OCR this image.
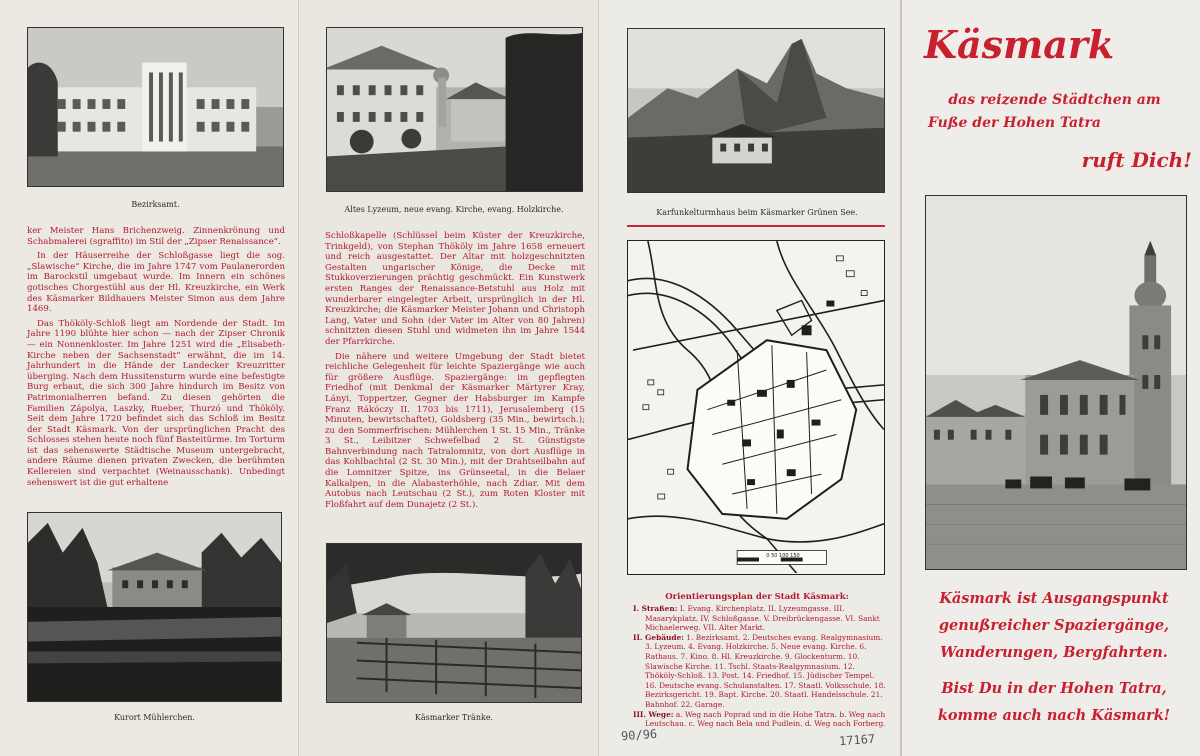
Bezirksamt.

ker Meister Hans Brichenzweig. Zinnenkrönung und Schabmalerei (sgraffito) im Stil der „Zipser Renaissance“.

In der Häuserreihe der Schloßgasse liegt die sog. „Slawische“ Kirche, die im Jahre 1747 vom Paulanerorden im Barockstil umgebaut wurde. Im Innern ein schönes gotisches Chorgestühl aus der Hl. Kreuzkirche, ein Werk des Käsmarker Bildhauers Meister Simon aus dem Jahre 1469.

Das Thököly-Schloß liegt am Nordende der Stadt. Im Jahre 1190 blühte hier schon — nach der Zipser Chronik — ein Nonnenkloster. Im Jahre 1251 wird die „Elisabeth-Kirche neben der Sachsenstadt“ erwähnt, die im 14. Jahrhundert in die Hände der Landecker Kreuzritter überging. Nach dem Hussitensturm wurde eine befestigte Burg erbaut, die sich 300 Jahre hindurch im Besitz von Patrimonialherren befand. Zu diesen gehörten die Familien Zápolya, Laszky, Rueber, Thurzó und Thököly. Seit dem Jahre 1720 befindet sich das Schloß im Besitz der Stadt Käsmark. Von der ursprünglichen Pracht des Schlosses stehen heute noch fünf Basteitürme. Im Torturm ist das sehenswerte Städtische Museum untergebracht, andere Räume dienen privaten Zwecken, die berühmten Kellereien sind verpachtet (Weinausschank). Unbedingt sehenswert ist die gut erhaltene

Kurort Mühlerchen.
Altes Lyzeum, neue evang. Kirche, evang. Holzkirche.

Schloßkapelle (Schlüssel beim Küster der Kreuzkirche, Trinkgeld), von Stephan Thököly im Jahre 1658 erneuert und reich ausgestattet. Der Altar mit holzgeschnitzten Gestalten ungarischer Könige, die Decke mit Stukkoverzierungen prächtig geschmückt. Ein Kunstwerk ersten Ranges der Renaissance-Betstuhl aus Holz mit wunderbarer eingelegter Arbeit, ursprünglich in der Hl. Kreuzkirche; die Käsmarker Meister Johann und Christoph Lang, Vater und Sohn (der Vater im Alter von 80 Jahren) schnitzten diesen Stuhl und widmeten ihn im Jahre 1544 der Pfarrkirche.

Die nähere und weitere Umgebung der Stadt bietet reichliche Gelegenheit für leichte Spaziergänge wie auch für größere Ausflüge. Spaziergänge: im gepflegten Friedhof (mit Denkmal der Käsmarker Märtyrer Kray, Lányi, Toppertzer, Gegner der Habsburger im Kampfe Franz Rákóczy II. 1703 bis 1711), Jerusalemberg (15 Minuten, bewirtschaftet), Goldsberg (35 Min., bewirtsch.); zu den Sommerfrischen: Mühlerchen 1 St. 15 Min., Tränke 3 St., Leibitzer Schwefelbad 2 St. Günstigste Bahnverbindung nach Tatralomnitz, von dort Ausflüge in das Kohlbachtal (2 St. 30 Min.), mit der Drahtseilbahn auf die Lomnitzer Spitze, ins Grünseetal, in die Belaer Kalkalpen, in die Alabasterhöhle, nach Zdiar. Mit dem Autobus nach Leutschau (2 St.), zum Roten Kloster mit Floßfahrt auf dem Dunajetz (2 St.).

Käsmarker Tränke.
Karfunkelturmhaus beim Käsmarker Grünen See.
0 50 100 150
Orientierungsplan der Stadt Käsmark:
I. Straßen: I. Evang. Kirchenplatz. II. Lyzeumgasse. III. Masarykplatz. IV. Schloßgasse. V. Dreibrückengasse. VI. Sankt Michaelerweg. VII. Alter Markt.
II. Gebäude: 1. Bezirksamt. 2. Deutsches evang. Realgymnasium. 3. Lyzeum. 4. Evang. Holzkirche. 5. Neue evang. Kirche. 6. Rathaus. 7. Kino. 8. Hl. Kreuzkirche. 9. Glockenturm. 10. Slawische Kirche. 11. Tschl. Staats-Realgymnasium. 12. Thököly-Schloß. 13. Post. 14. Friedhof. 15. Jüdischer Tempel. 16. Deutsche evang. Schulanstalten. 17. Staatl. Volksschule. 18. Bezirksgericht. 19. Bapt. Kirche. 20. Staatl. Handelsschule. 21. Bahnhof. 22. Garage.
III. Wege: a. Weg nach Poprad und in die Hohe Tatra. b. Weg nach Leutschau. c. Weg nach Bela und Pudlein. d. Weg nach Forberg.
90/96	17167
Käsmark
das reizende Städtchen am
Fuße der Hohen Tatra
ruft Dich!
Käsmark ist Ausgangspunkt
genußreicher Spaziergänge,
Wanderungen, Bergfahrten.
Bist Du in der Hohen Tatra,
komme auch nach Käsmark!
